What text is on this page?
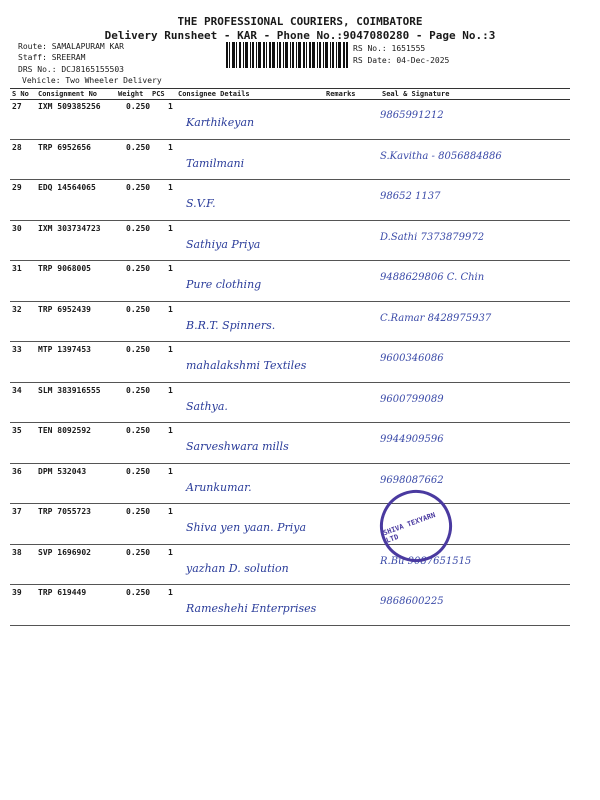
THE PROFESSIONAL COURIERS, COIMBATORE
Delivery Runsheet - KAR - Phone No.:9047080280 - Page No.:3
Route: SAMALAPURAM KAR
Staff: SREERAM
DRS No.: DCJ8165155503
Vehicle: Two Wheeler Delivery
RS No.: 1651555
RS Date: 04-Dec-2025
S No Consignment No	Weight PCS Consignee Details	Remarks	Seal & Signature
27 IXM 509385256	0.250 1
Karthikeyan
9865991212
28 TRP 6952656	0.250 1
Tamilmani
S.Kavitha - 8056884886
29 EDQ 14564065	0.250 1
S.V.F.
98652 1137
30 IXM 303734723	0.250 1
Sathiya Priya
D.Sathi 7373879972
31 TRP 9068005	0.250 1
Pure clothing
9488629806 C. Chin
32 TRP 6952439	0.250 1
B.R.T. Spinners.
C.Ramar 8428975937
33 MTP 1397453	0.250 1
mahalakshmi Textiles
9600346086
34 SLM 383916555	0.250 1
Sathya.
9600799089
35 TEN 8092592	0.250 1
Sarveshwara mills
9944909596
36 DPM 532043	0.250 1
Arunkumar.
9698087662
37 TRP 7055723	0.250 1
Shiva yen yaan. Priya
38 SVP 1696902	0.250 1
yazhan D. solution
R.Bu 9087651515
39 TRP 619449	0.250 1
Rameshehi Enterprises
9868600225
SHIVA TEXYARN LTD
